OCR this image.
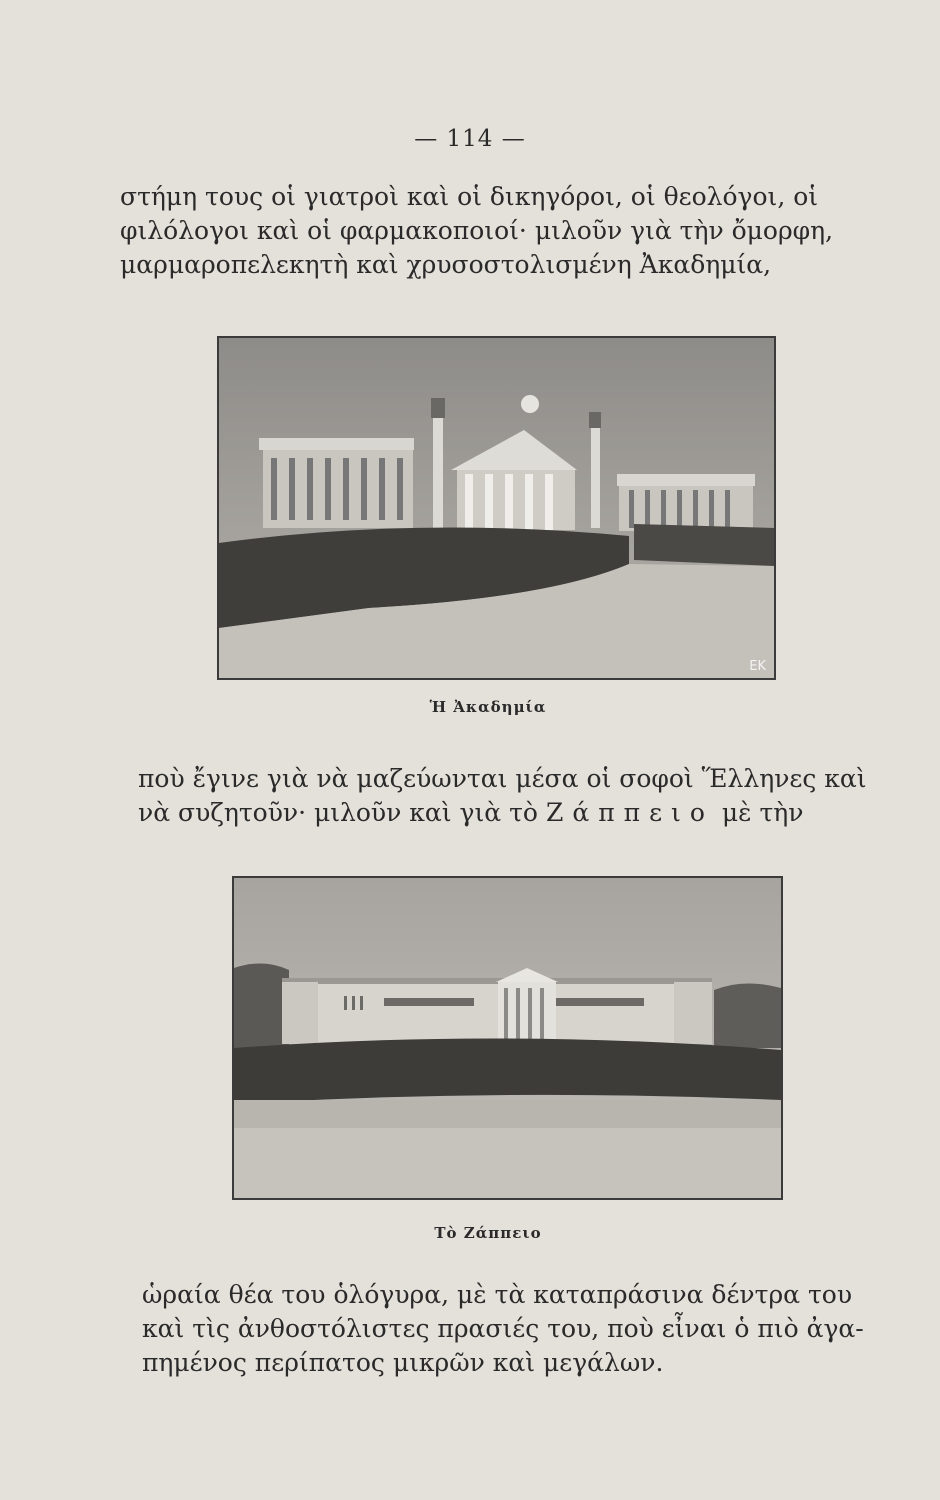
— 114 —
στήμη τους οἱ γιατροὶ καὶ οἱ δικηγόροι, οἱ θεολόγοι, οἱ
φιλόλογοι καὶ οἱ φαρμακοποιοί· μιλοῦν γιὰ τὴν ὄμορφη,
μαρμαροπελεκητὴ καὶ χρυσοστολισμένη Ἀκαδημία,
ΕΚ
Ἡ Ἀκαδημία
ποὺ ἔγινε γιὰ νὰ μαζεύωνται μέσα οἱ σοφοὶ Ἕλληνες καὶ
νὰ συζητοῦν· μιλοῦν καὶ γιὰ τὸ Ζάππειο μὲ τὴν
Τὸ Ζάππειο
ὡραία θέα του ὁλόγυρα, μὲ τὰ καταπράσινα δέντρα του
καὶ τὶς ἀνθοστόλιστες πρασιές του, ποὺ εἶναι ὁ πιὸ ἀγα-
πημένος περίπατος μικρῶν καὶ μεγάλων.
